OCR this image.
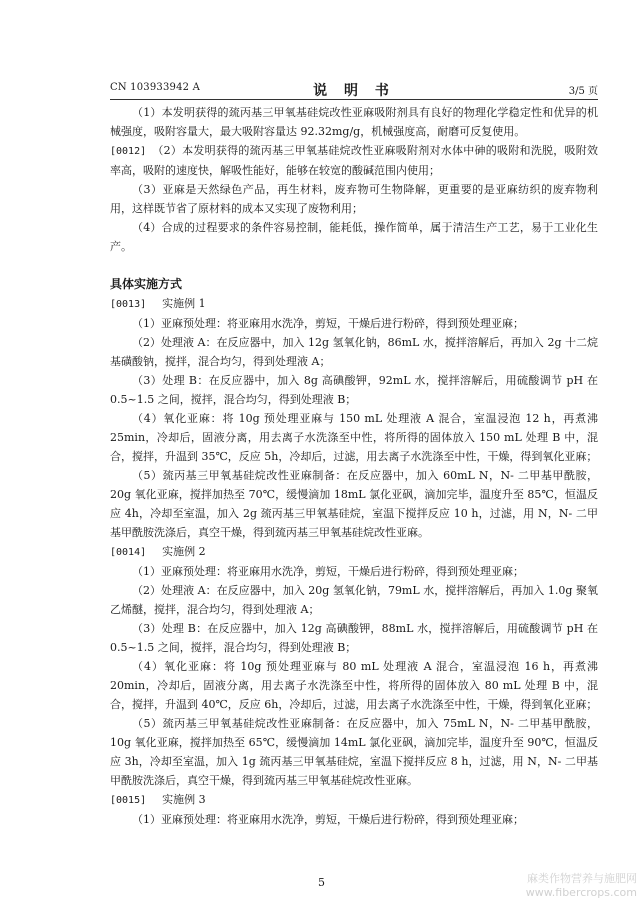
CN 103933942 A	说 明 书	3/5 页

（1）本发明获得的巯丙基三甲氧基硅烷改性亚麻吸附剂具有良好的物理化学稳定性和优异的机械强度，吸附容量大，最大吸附容量达 92.32mg/g，机械强度高，耐磨可反复使用。

[0012] （2）本发明获得的巯丙基三甲氧基硅烷改性亚麻吸附剂对水体中砷的吸附和洗脱，吸附效率高，吸附的速度快，解吸性能好，能够在较宽的酸碱范围内使用；

（3）亚麻是天然绿色产品，再生材料，废弃物可生物降解，更重要的是亚麻纺织的废弃物利用，这样既节省了原材料的成本又实现了废物利用；

（4）合成的过程要求的条件容易控制，能耗低，操作简单，属于清洁生产工艺，易于工业化生产。

具体实施方式

[0013] 实施例 1

（1）亚麻预处理：将亚麻用水洗净，剪短，干燥后进行粉碎，得到预处理亚麻；

（2）处理液 A：在反应器中，加入 12g 氢氧化钠，86mL 水，搅拌溶解后，再加入 2g 十二烷基磺酸钠，搅拌，混合均匀，得到处理液 A；

（3）处理 B：在反应器中，加入 8g 高碘酸钾，92mL 水，搅拌溶解后，用硫酸调节 pH 在 0.5~1.5 之间，搅拌，混合均匀，得到处理液 B；

（4）氧化亚麻：将 10g 预处理亚麻与 150 mL 处理液 A 混合，室温浸泡 12 h，再煮沸 25min，冷却后，固液分离，用去离子水洗涤至中性，将所得的固体放入 150 mL 处理 B 中，混合，搅拌，升温到 35℃，反应 5h，冷却后，过滤，用去离子水洗涤至中性，干燥，得到氧化亚麻；

（5）巯丙基三甲氧基硅烷改性亚麻制备：在反应器中，加入 60mL N，N- 二甲基甲酰胺，20g 氧化亚麻，搅拌加热至 70℃，缓慢滴加 18mL 氯化亚砜，滴加完毕，温度升至 85℃，恒温反应 4h，冷却至室温，加入 2g 巯丙基三甲氧基硅烷，室温下搅拌反应 10 h，过滤，用 N，N- 二甲基甲酰胺洗涤后，真空干燥，得到巯丙基三甲氧基硅烷改性亚麻。

[0014] 实施例 2

（1）亚麻预处理：将亚麻用水洗净，剪短，干燥后进行粉碎，得到预处理亚麻；

（2）处理液 A：在反应器中，加入 20g 氢氧化钠，79mL 水，搅拌溶解后，再加入 1.0g 聚氧乙烯醚，搅拌，混合均匀，得到处理液 A；

（3）处理 B：在反应器中，加入 12g 高碘酸钾，88mL 水，搅拌溶解后，用硫酸调节 pH 在 0.5~1.5 之间，搅拌，混合均匀，得到处理液 B；

（4）氧化亚麻：将 10g 预处理亚麻与 80 mL 处理液 A 混合，室温浸泡 16 h，再煮沸 20min，冷却后，固液分离，用去离子水洗涤至中性，将所得的固体放入 80 mL 处理 B 中，混合，搅拌，升温到 40℃，反应 6h，冷却后，过滤，用去离子水洗涤至中性，干燥，得到氧化亚麻；

（5）巯丙基三甲氧基硅烷改性亚麻制备：在反应器中，加入 75mL N，N- 二甲基甲酰胺，10g 氧化亚麻，搅拌加热至 65℃，缓慢滴加 14mL 氯化亚砜，滴加完毕，温度升至 90℃，恒温反应 3h，冷却至室温，加入 1g 巯丙基三甲氧基硅烷，室温下搅拌反应 8 h，过滤，用 N，N- 二甲基甲酰胺洗涤后，真空干燥，得到巯丙基三甲氧基硅烷改性亚麻。

[0015] 实施例 3

（1）亚麻预处理：将亚麻用水洗净，剪短，干燥后进行粉碎，得到预处理亚麻；

5	麻类作物营养与施肥网
www.fibercrops.com
